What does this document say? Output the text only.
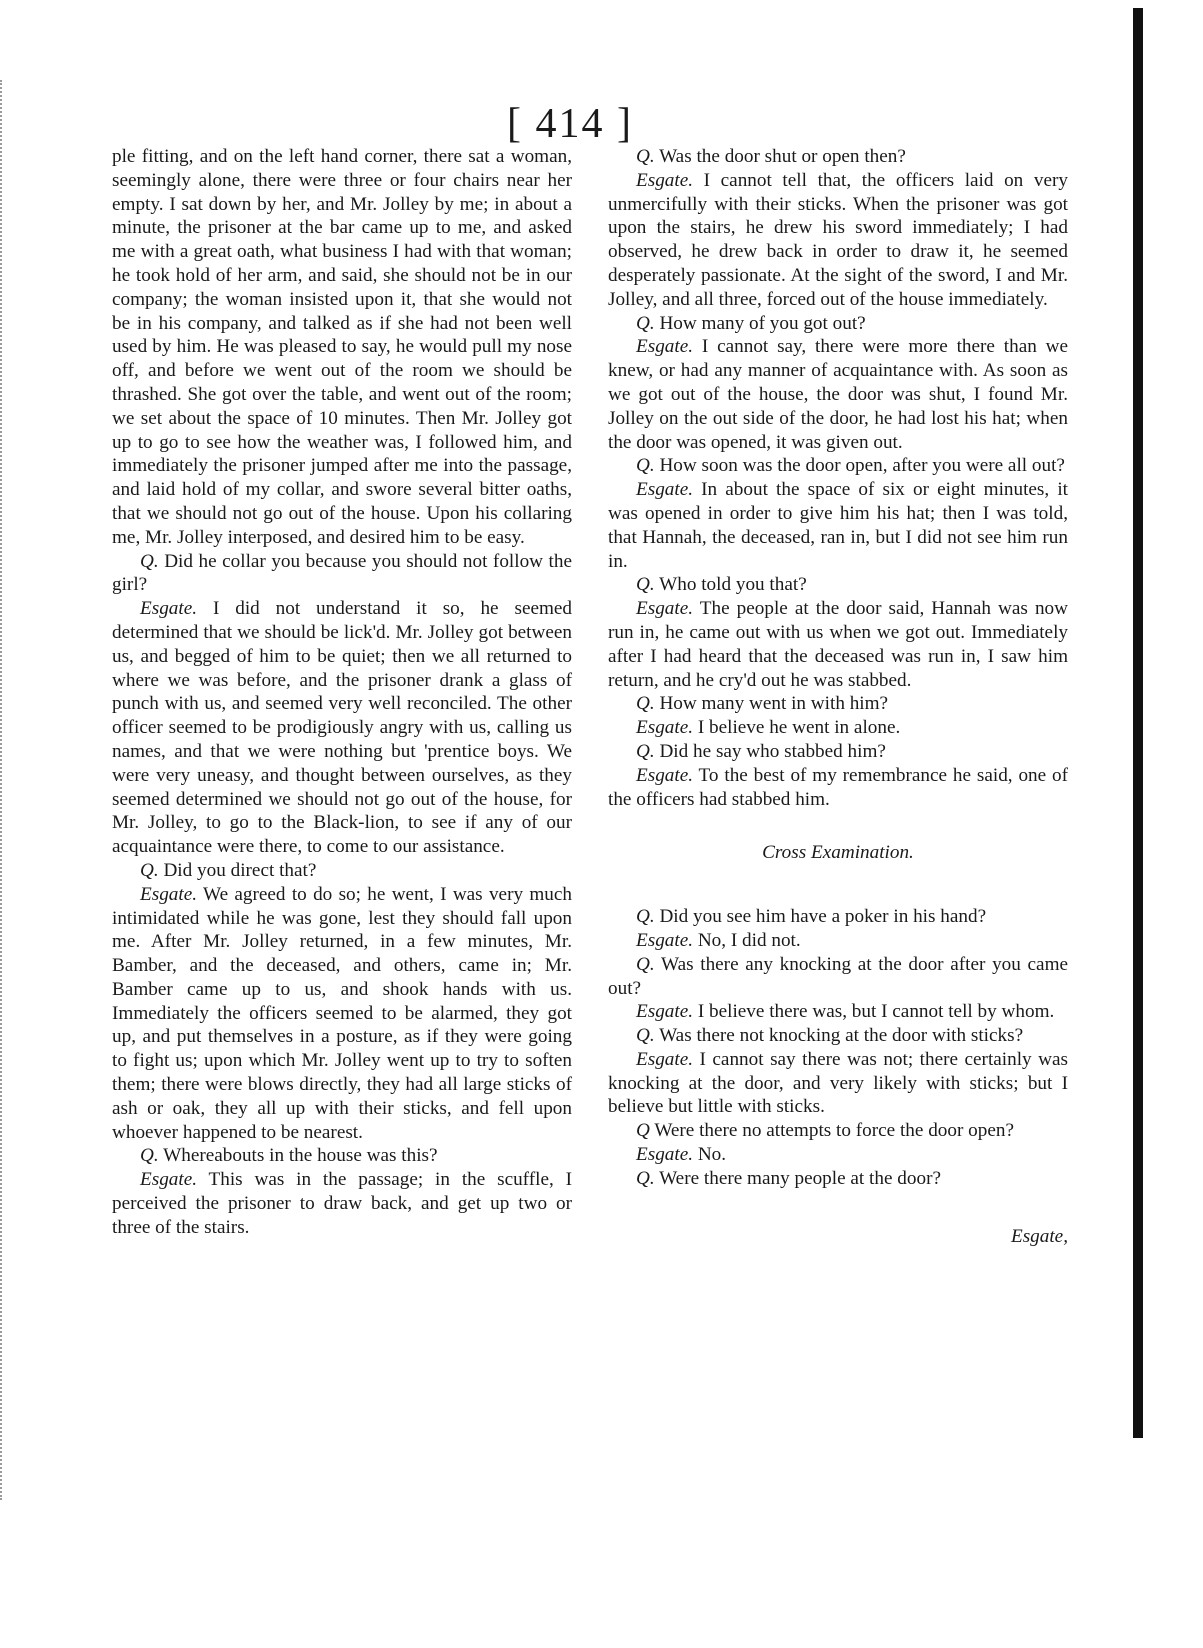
[ 414 ]

ple fitting, and on the left hand corner, there sat a woman, seemingly alone, there were three or four chairs near her empty. I sat down by her, and Mr. Jolley by me; in about a minute, the prisoner at the bar came up to me, and asked me with a great oath, what business I had with that woman; he took hold of her arm, and said, she should not be in our company; the woman insisted upon it, that she would not be in his company, and talked as if she had not been well used by him. He was pleased to say, he would pull my nose off, and before we went out of the room we should be thrashed. She got over the table, and went out of the room; we set about the space of 10 minutes. Then Mr. Jolley got up to go to see how the weather was, I followed him, and immediately the prisoner jumped after me into the passage, and laid hold of my collar, and swore several bitter oaths, that we should not go out of the house. Upon his collaring me, Mr. Jolley interposed, and desired him to be easy.

Q. Did he collar you because you should not follow the girl?

Esgate. I did not understand it so, he seemed determined that we should be lick'd. Mr. Jolley got between us, and begged of him to be quiet; then we all returned to where we was before, and the prisoner drank a glass of punch with us, and seemed very well reconciled. The other officer seemed to be prodigiously angry with us, calling us names, and that we were nothing but 'prentice boys. We were very uneasy, and thought between ourselves, as they seemed determined we should not go out of the house, for Mr. Jolley, to go to the Black-lion, to see if any of our acquaintance were there, to come to our assistance.

Q. Did you direct that?

Esgate. We agreed to do so; he went, I was very much intimidated while he was gone, lest they should fall upon me. After Mr. Jolley returned, in a few minutes, Mr. Bamber, and the deceased, and others, came in; Mr. Bamber came up to us, and shook hands with us. Immediately the officers seemed to be alarmed, they got up, and put themselves in a posture, as if they were going to fight us; upon which Mr. Jolley went up to try to soften them; there were blows directly, they had all large sticks of ash or oak, they all up with their sticks, and fell upon whoever happened to be nearest.

Q. Whereabouts in the house was this?

Esgate. This was in the passage; in the scuffle, I perceived the prisoner to draw back, and get up two or three of the stairs.

Q. Was the door shut or open then?

Esgate. I cannot tell that, the officers laid on very unmercifully with their sticks. When the prisoner was got upon the stairs, he drew his sword immediately; I had observed, he drew back in order to draw it, he seemed desperately passionate. At the sight of the sword, I and Mr. Jolley, and all three, forced out of the house immediately.

Q. How many of you got out?

Esgate. I cannot say, there were more there than we knew, or had any manner of acquaintance with. As soon as we got out of the house, the door was shut, I found Mr. Jolley on the out side of the door, he had lost his hat; when the door was opened, it was given out.

Q. How soon was the door open, after you were all out?

Esgate. In about the space of six or eight minutes, it was opened in order to give him his hat; then I was told, that Hannah, the deceased, ran in, but I did not see him run in.

Q. Who told you that?

Esgate. The people at the door said, Hannah was now run in, he came out with us when we got out. Immediately after I had heard that the deceased was run in, I saw him return, and he cry'd out he was stabbed.

Q. How many went in with him?

Esgate. I believe he went in alone.

Q. Did he say who stabbed him?

Esgate. To the best of my remembrance he said, one of the officers had stabbed him.

Cross Examination.

Q. Did you see him have a poker in his hand?

Esgate. No, I did not.

Q. Was there any knocking at the door after you came out?

Esgate. I believe there was, but I cannot tell by whom.

Q. Was there not knocking at the door with sticks?

Esgate. I cannot say there was not; there certainly was knocking at the door, and very likely with sticks; but I believe but little with sticks.

Q Were there no attempts to force the door open?

Esgate. No.

Q. Were there many people at the door?

Esgate,
